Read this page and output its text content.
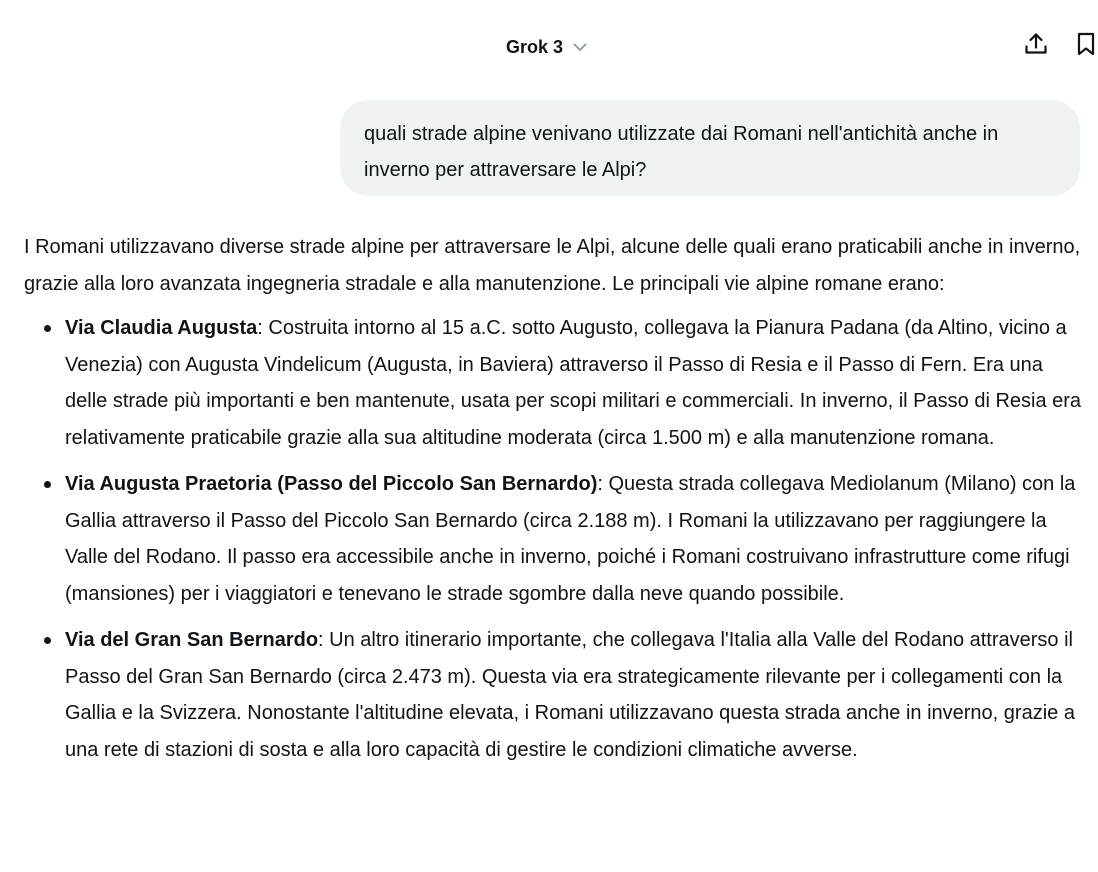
Grok 3
quali strade alpine venivano utilizzate dai Romani nell'antichità anche in inverno per attraversare le Alpi?

I Romani utilizzavano diverse strade alpine per attraversare le Alpi, alcune delle quali erano praticabili anche in inverno, grazie alla loro avanzata ingegneria stradale e alla manutenzione. Le principali vie alpine romane erano:

Via Claudia Augusta: Costruita intorno al 15 a.C. sotto Augusto, collegava la Pianura Padana (da Altino, vicino a Venezia) con Augusta Vindelicum (Augusta, in Baviera) attraverso il Passo di Resia e il Passo di Fern. Era una delle strade più importanti e ben mantenute, usata per scopi militari e commerciali. In inverno, il Passo di Resia era relativamente praticabile grazie alla sua altitudine moderata (circa 1.500 m) e alla manutenzione romana.
Via Augusta Praetoria (Passo del Piccolo San Bernardo): Questa strada collegava Mediolanum (Milano) con la Gallia attraverso il Passo del Piccolo San Bernardo (circa 2.188 m). I Romani la utilizzavano per raggiungere la Valle del Rodano. Il passo era accessibile anche in inverno, poiché i Romani costruivano infrastrutture come rifugi (mansiones) per i viaggiatori e tenevano le strade sgombre dalla neve quando possibile.
Via del Gran San Bernardo: Un altro itinerario importante, che collegava l'Italia alla Valle del Rodano attraverso il Passo del Gran San Bernardo (circa 2.473 m). Questa via era strategicamente rilevante per i collegamenti con la Gallia e la Svizzera. Nonostante l'altitudine elevata, i Romani utilizzavano questa strada anche in inverno, grazie a una rete di stazioni di sosta e alla loro capacità di gestire le condizioni climatiche avverse.
